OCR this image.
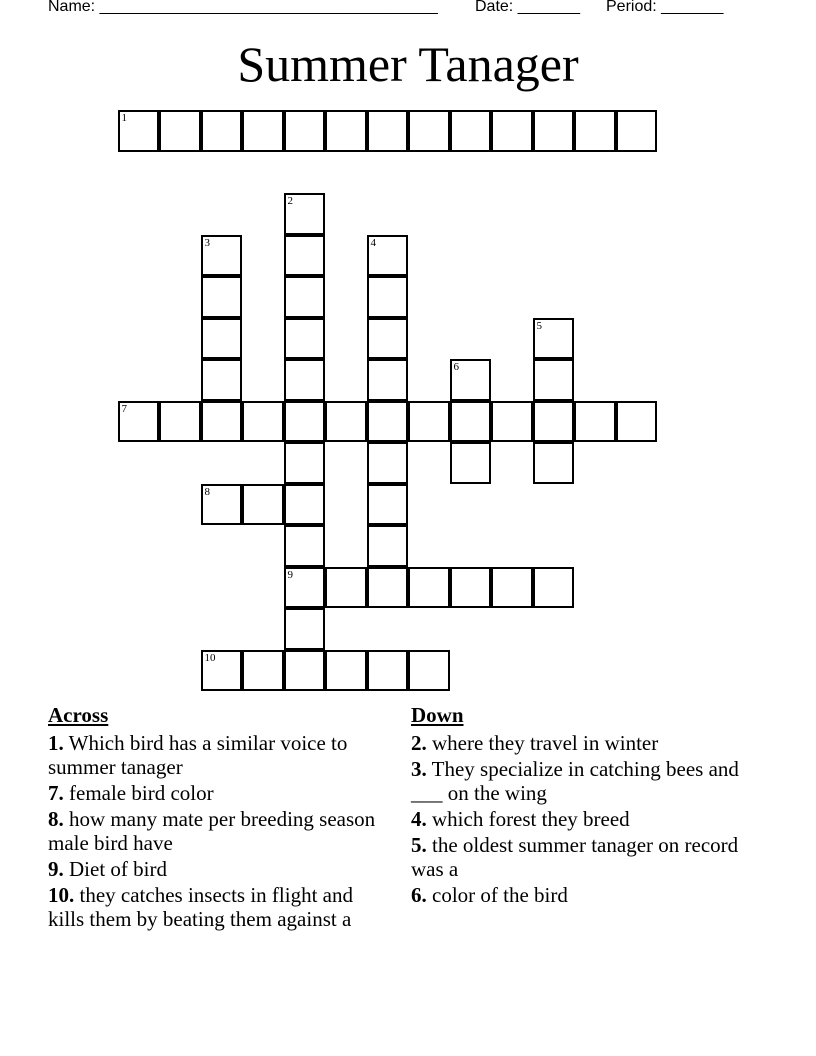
Name: ______________________________________

Date: _______

Period: _______

Summer Tanager
1
2
9
3	4
5
6
7
8
10
Across
1. Which bird has a similar voice to summer tanager
7. female bird color
8. how many mate per breeding season male bird have
9. Diet of bird
10. they catches insects in flight and kills them by beating them against a
Down
2. where they travel in winter
3. They specialize in catching bees and ___ on the wing
4. which forest they breed
5. the oldest summer tanager on record was a
6. color of the bird
